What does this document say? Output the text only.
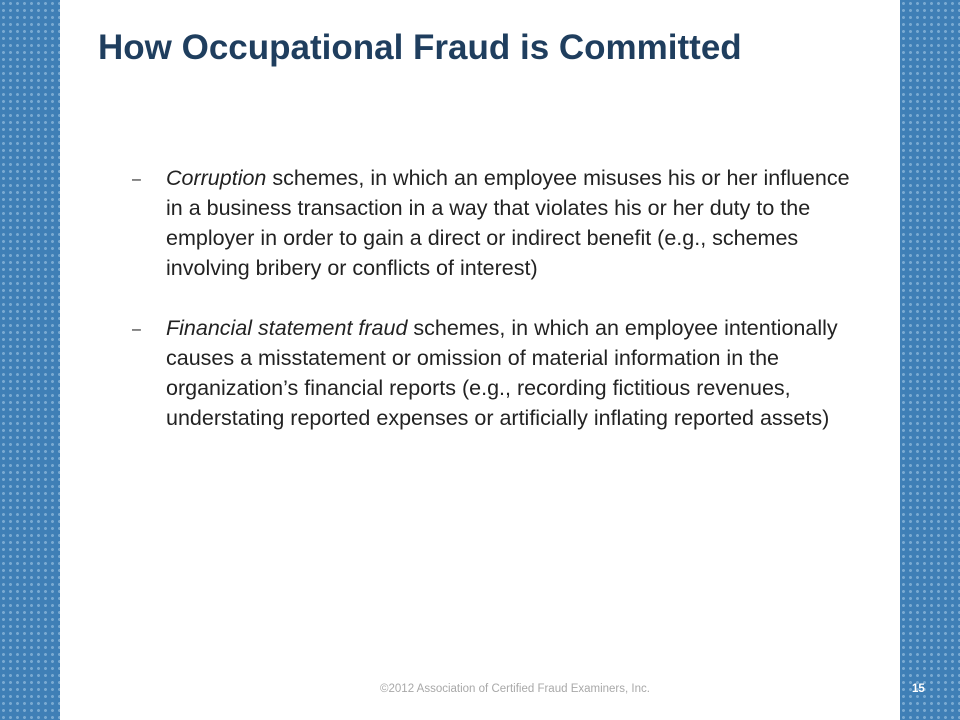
How Occupational Fraud is Committed
– Corruption schemes, in which an employee misuses his or her influence in a business transaction in a way that violates his or her duty to the employer in order to gain a direct or indirect benefit (e.g., schemes involving bribery or conflicts of interest)
– Financial statement fraud schemes, in which an employee intentionally causes a misstatement or omission of material information in the organization’s financial reports (e.g., recording fictitious revenues, understating reported expenses or artificially inflating reported assets)
©2012 Association of Certified Fraud Examiners, Inc.	15
